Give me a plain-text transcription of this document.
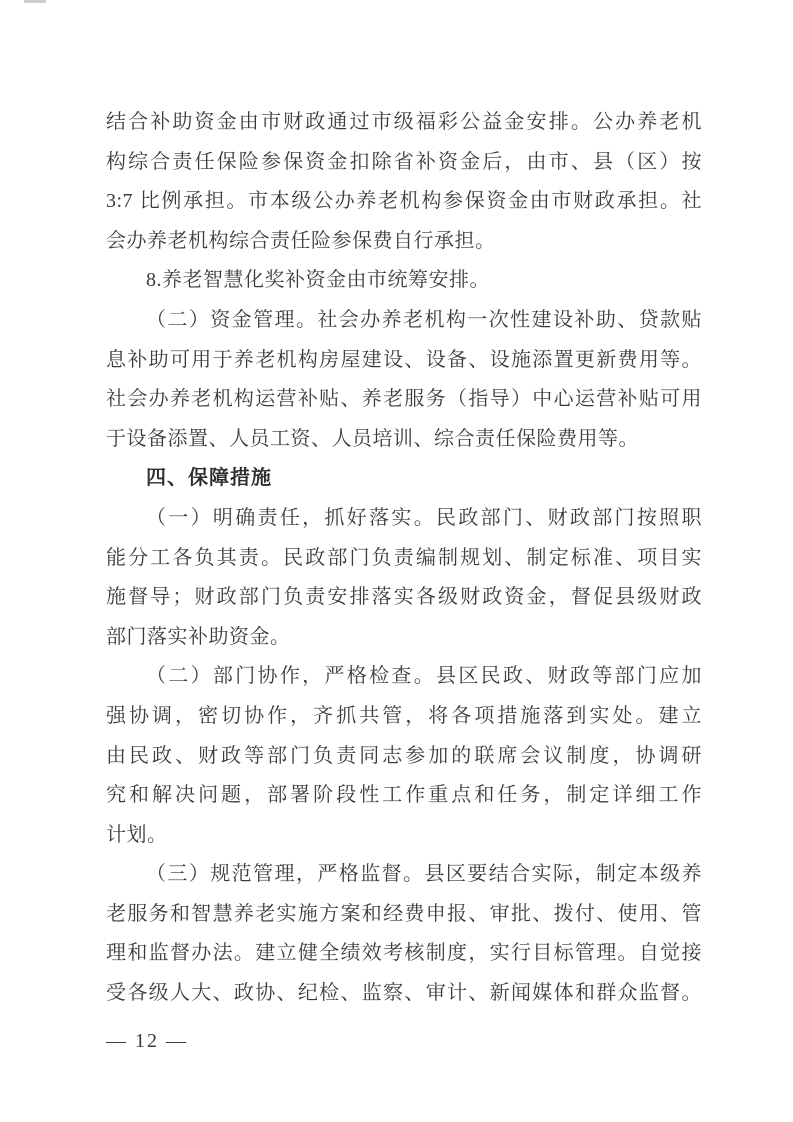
结合补助资金由市财政通过市级福彩公益金安排。公办养老机
构综合责任保险参保资金扣除省补资金后，由市、县（区）按
3:7 比例承担。市本级公办养老机构参保资金由市财政承担。社
会办养老机构综合责任险参保费自行承担。
8.养老智慧化奖补资金由市统筹安排。
（二）资金管理。社会办养老机构一次性建设补助、贷款贴
息补助可用于养老机构房屋建设、设备、设施添置更新费用等。
社会办养老机构运营补贴、养老服务（指导）中心运营补贴可用
于设备添置、人员工资、人员培训、综合责任保险费用等。
四、保障措施
（一）明确责任，抓好落实。民政部门、财政部门按照职
能分工各负其责。民政部门负责编制规划、制定标准、项目实
施督导；财政部门负责安排落实各级财政资金，督促县级财政
部门落实补助资金。
（二）部门协作，严格检查。县区民政、财政等部门应加
强协调，密切协作，齐抓共管，将各项措施落到实处。建立
由民政、财政等部门负责同志参加的联席会议制度，协调研
究和解决问题，部署阶段性工作重点和任务，制定详细工作
计划。
（三）规范管理，严格监督。县区要结合实际，制定本级养
老服务和智慧养老实施方案和经费申报、审批、拨付、使用、管
理和监督办法。建立健全绩效考核制度，实行目标管理。自觉接
受各级人大、政协、纪检、监察、审计、新闻媒体和群众监督。
— 12 —
